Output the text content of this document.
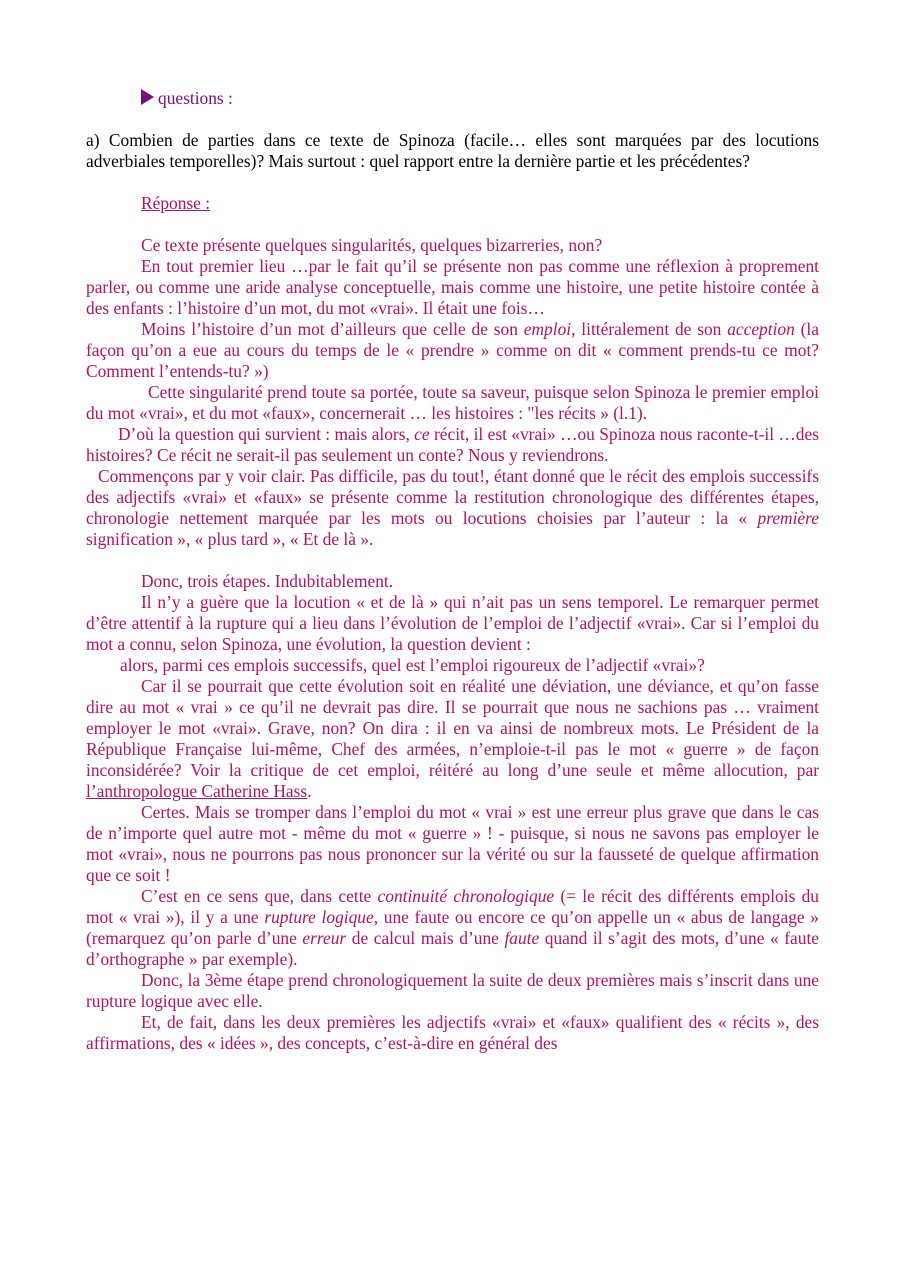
questions :

a) Combien de parties dans ce texte de Spinoza (facile… elles sont marquées par des locutions adverbiales temporelles)? Mais surtout : quel rapport entre la dernière partie et les précédentes?

Réponse :

Ce texte présente quelques singularités, quelques bizarreries, non?

En tout premier lieu …par le fait qu’il se présente non pas comme une réflexion à proprement parler, ou comme une aride analyse conceptuelle, mais comme une histoire, une petite histoire contée à des enfants : l’histoire d’un mot, du mot «vrai». Il était une fois…

Moins l’histoire d’un mot d’ailleurs que celle de son emploi, littéralement de son acception (la façon qu’on a eue au cours du temps de le « prendre » comme on dit « comment prends-tu ce mot? Comment l’entends-tu? »)

Cette singularité prend toute sa portée, toute sa saveur, puisque selon Spinoza le premier emploi du mot «vrai», et du mot «faux», concernerait … les histoires : "les récits » (l.1).

D’où la question qui survient : mais alors, ce récit, il est «vrai» …ou Spinoza nous raconte-t-il …des histoires? Ce récit ne serait-il pas seulement un conte? Nous y reviendrons.

Commençons par y voir clair. Pas difficile, pas du tout!, étant donné que le récit des emplois successifs des adjectifs «vrai» et «faux» se présente comme la restitution chronologique des différentes étapes, chronologie nettement marquée par les mots ou locutions choisies par l’auteur : la « première signification », « plus tard », « Et de là ».

Donc, trois étapes. Indubitablement.

Il n’y a guère que la locution « et de là » qui n’ait pas un sens temporel. Le remarquer permet d’être attentif à la rupture qui a lieu dans l’évolution de l’emploi de l’adjectif «vrai». Car si l’emploi du mot a connu, selon Spinoza, une évolution, la question devient :

alors, parmi ces emplois successifs, quel est l’emploi rigoureux de l’adjectif «vrai»?

Car il se pourrait que cette évolution soit en réalité une déviation, une déviance, et qu’on fasse dire au mot « vrai » ce qu’il ne devrait pas dire. Il se pourrait que nous ne sachions pas … vraiment employer le mot «vrai». Grave, non? On dira : il en va ainsi de nombreux mots. Le Président de la République Française lui-même, Chef des armées, n’emploie-t-il pas le mot « guerre » de façon inconsidérée? Voir la critique de cet emploi, réitéré au long d’une seule et même allocution, par l’anthropologue Catherine Hass.

Certes. Mais se tromper dans l’emploi du mot « vrai » est une erreur plus grave que dans le cas de n’importe quel autre mot - même du mot « guerre » ! - puisque, si nous ne savons pas employer le mot «vrai», nous ne pourrons pas nous prononcer sur la vérité ou sur la fausseté de quelque affirmation que ce soit !

C’est en ce sens que, dans cette continuité chronologique (= le récit des différents emplois du mot « vrai »), il y a une rupture logique, une faute ou encore ce qu’on appelle un « abus de langage » (remarquez qu’on parle d’une erreur de calcul mais d’une faute quand il s’agit des mots, d’une « faute d’orthographe » par exemple).

Donc, la 3ème étape prend chronologiquement la suite de deux premières mais s’inscrit dans une rupture logique avec elle.

Et, de fait, dans les deux premières les adjectifs «vrai» et «faux» qualifient des « récits », des affirmations, des « idées », des concepts, c’est-à-dire en général des
